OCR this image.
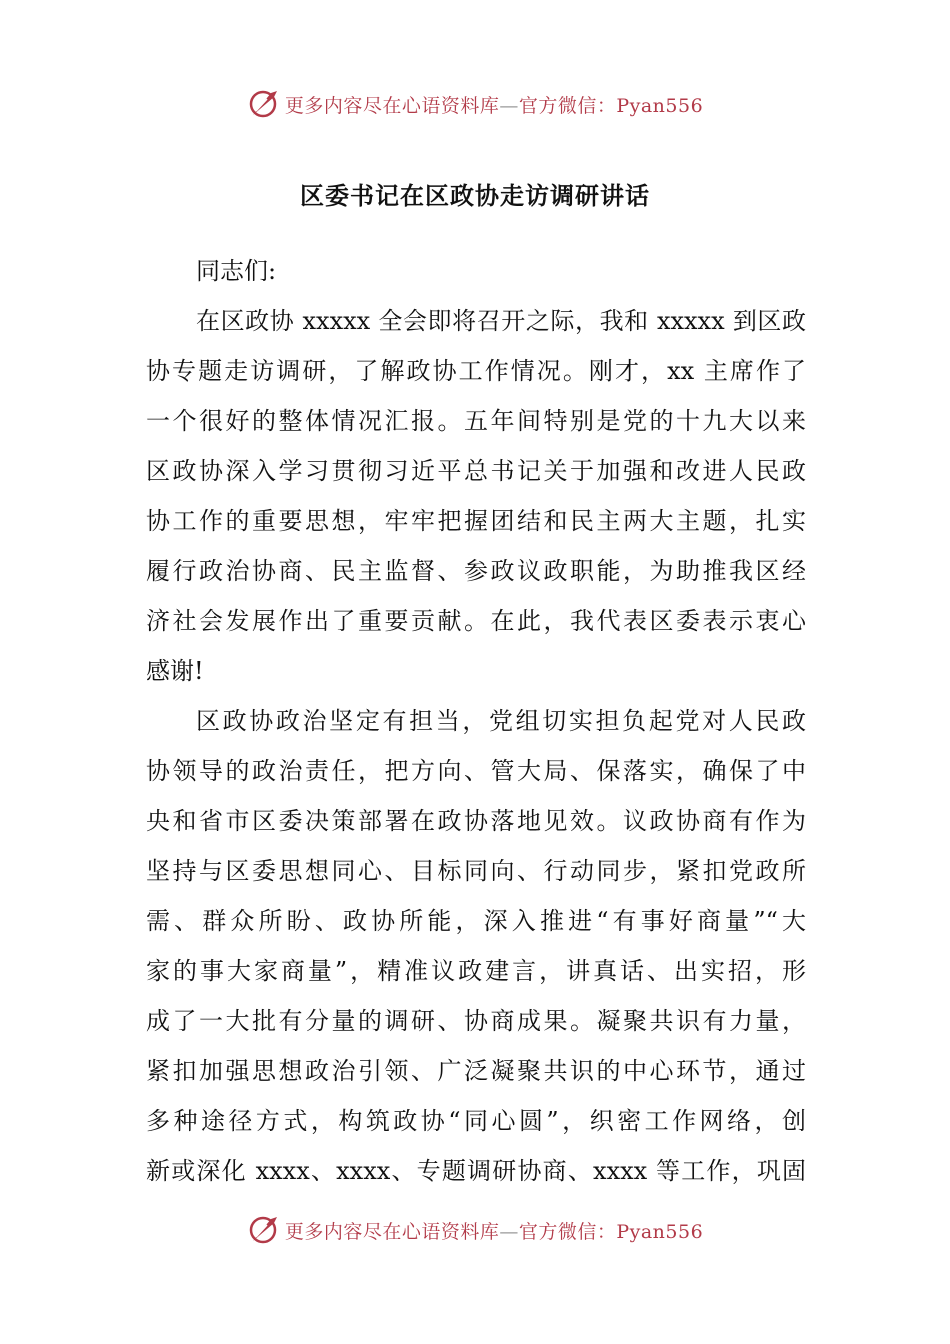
更多内容尽在心语资料库—官方微信：Pyan556
区委书记在区政协走访调研讲话
同志们:
在区政协 xxxxx 全会即将召开之际，我和 xxxxx 到区政
协专题走访调研，了解政协工作情况。刚才，xx 主席作了
一个很好的整体情况汇报。五年间特别是党的十九大以来
区政协深入学习贯彻习近平总书记关于加强和改进人民政
协工作的重要思想，牢牢把握团结和民主两大主题，扎实
履行政治协商、民主监督、参政议政职能，为助推我区经
济社会发展作出了重要贡献。在此，我代表区委表示衷心
感谢!
区政协政治坚定有担当，党组切实担负起党对人民政
协领导的政治责任，把方向、管大局、保落实，确保了中
央和省市区委决策部署在政协落地见效。议政协商有作为
坚持与区委思想同心、目标同向、行动同步，紧扣党政所
需、群众所盼、政协所能，深入推进“有事好商量”“大
家的事大家商量”，精准议政建言，讲真话、出实招，形
成了一大批有分量的调研、协商成果。凝聚共识有力量，
紧扣加强思想政治引领、广泛凝聚共识的中心环节，通过
多种途径方式，构筑政协“同心圆”，织密工作网络，创
新或深化 xxxx、xxxx、专题调研协商、xxxx 等工作，巩固
更多内容尽在心语资料库—官方微信：Pyan556
